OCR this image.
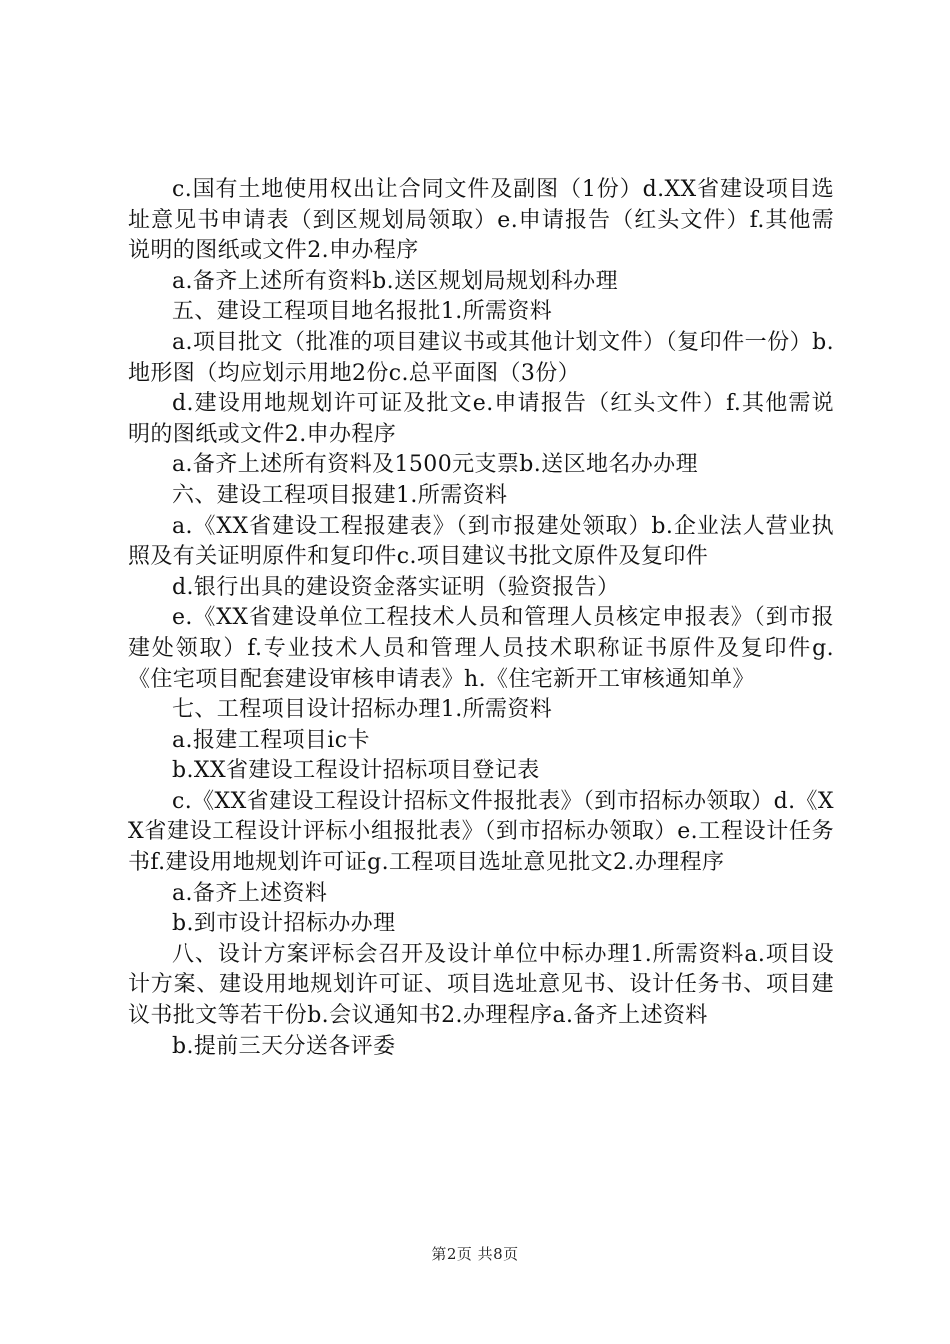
c.国有土地使用权出让合同文件及副图（1份）d.XX省建设项目选址意见书申请表（到区规划局领取）e.申请报告（红头文件）f.其他需说明的图纸或文件2.申办程序

a.备齐上述所有资料b.送区规划局规划科办理

五、建设工程项目地名报批1.所需资料

a.项目批文（批准的项目建议书或其他计划文件）（复印件一份）b.地形图（均应划示用地2份c.总平面图（3份）

d.建设用地规划许可证及批文e.申请报告（红头文件）f.其他需说明的图纸或文件2.申办程序

a.备齐上述所有资料及1500元支票b.送区地名办办理

六、建设工程项目报建1.所需资料

a.《XX省建设工程报建表》（到市报建处领取）b.企业法人营业执照及有关证明原件和复印件c.项目建议书批文原件及复印件

d.银行出具的建设资金落实证明（验资报告）

e.《XX省建设单位工程技术人员和管理人员核定申报表》（到市报建处领取）f.专业技术人员和管理人员技术职称证书原件及复印件g.《住宅项目配套建设审核申请表》h.《住宅新开工审核通知单》

七、工程项目设计招标办理1.所需资料

a.报建工程项目ic卡

b.XX省建设工程设计招标项目登记表

c.《XX省建设工程设计招标文件报批表》（到市招标办领取）d.《XX省建设工程设计评标小组报批表》（到市招标办领取）e.工程设计任务书f.建设用地规划许可证g.工程项目选址意见批文2.办理程序

a.备齐上述资料

b.到市设计招标办办理

八、设计方案评标会召开及设计单位中标办理1.所需资料a.项目设计方案、建设用地规划许可证、项目选址意见书、设计任务书、项目建议书批文等若干份b.会议通知书2.办理程序a.备齐上述资料

b.提前三天分送各评委

第2页 共8页
